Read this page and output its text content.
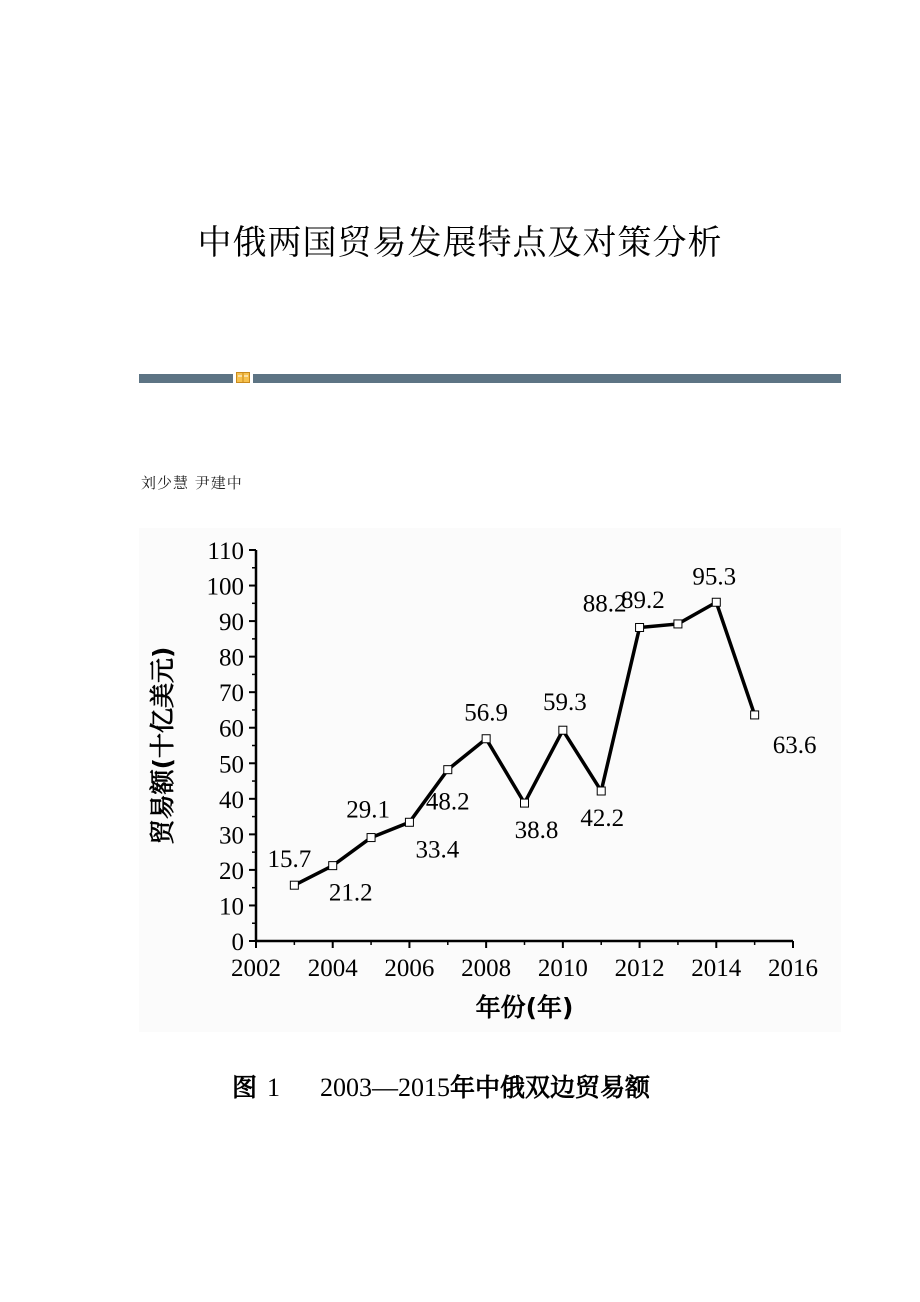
中俄两国贸易发展特点及对策分析
刘少慧 尹建中
0
10
20
30
40
50
60
70
80
90
100
110
2002 2004 2006 2008 2010 2012 2014 2016
年份(年)
贸易额(十亿美元)
15.7
21.2
29.1
33.4
48.2
56.9
38.8
59.3
42.2
88.2
89.2
95.3
63.6
图 1 2003—2015年中俄双边贸易额
